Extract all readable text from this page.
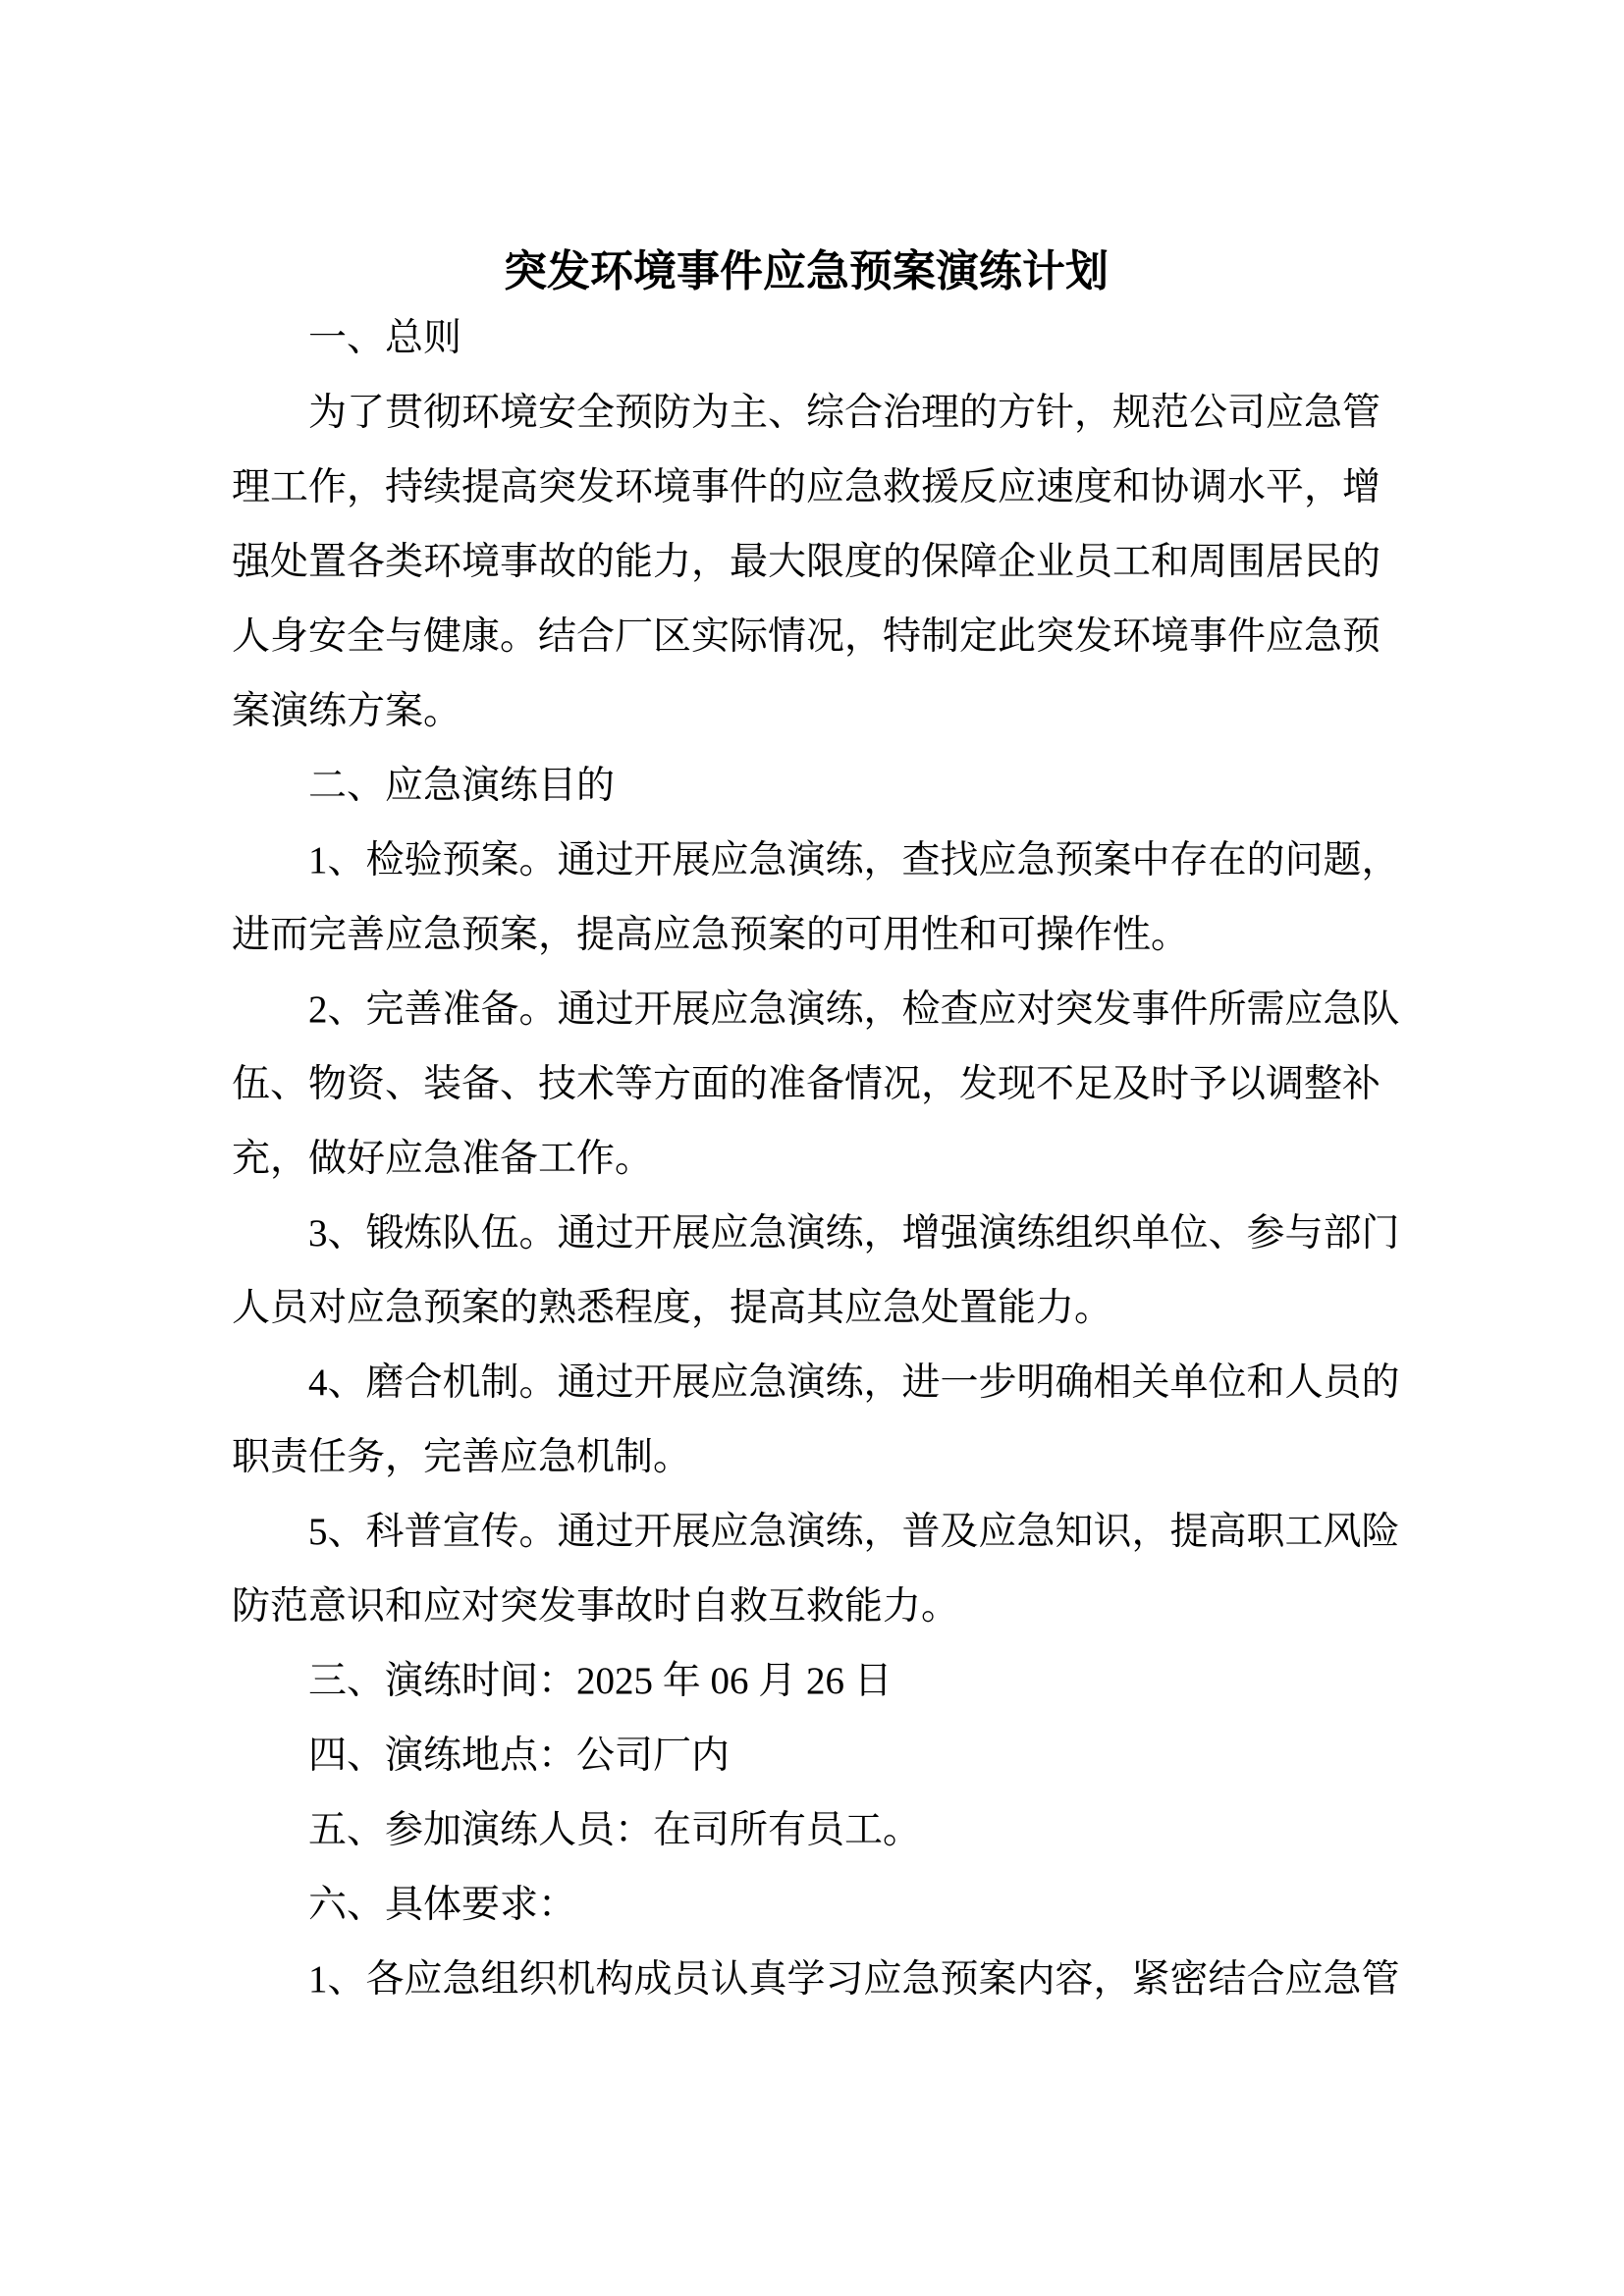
突发环境事件应急预案演练计划
一、总则
为了贯彻环境安全预防为主、综合治理的方针，规范公司应急管
理工作，持续提高突发环境事件的应急救援反应速度和协调水平，增
强处置各类环境事故的能力，最大限度的保障企业员工和周围居民的
人身安全与健康。结合厂区实际情况，特制定此突发环境事件应急预
案演练方案。
二、应急演练目的
1、检验预案。通过开展应急演练，查找应急预案中存在的问题，
进而完善应急预案，提高应急预案的可用性和可操作性。
2、完善准备。通过开展应急演练，检查应对突发事件所需应急队
伍、物资、装备、技术等方面的准备情况，发现不足及时予以调整补
充，做好应急准备工作。
3、锻炼队伍。通过开展应急演练，增强演练组织单位、参与部门
人员对应急预案的熟悉程度，提高其应急处置能力。
4、磨合机制。通过开展应急演练，进一步明确相关单位和人员的
职责任务，完善应急机制。
5、科普宣传。通过开展应急演练，普及应急知识，提高职工风险
防范意识和应对突发事故时自救互救能力。
三、演练时间：2025 年 06 月 26 日
四、演练地点：公司厂内
五、参加演练人员：在司所有员工。
六、具体要求：
1、各应急组织机构成员认真学习应急预案内容，紧密结合应急管
